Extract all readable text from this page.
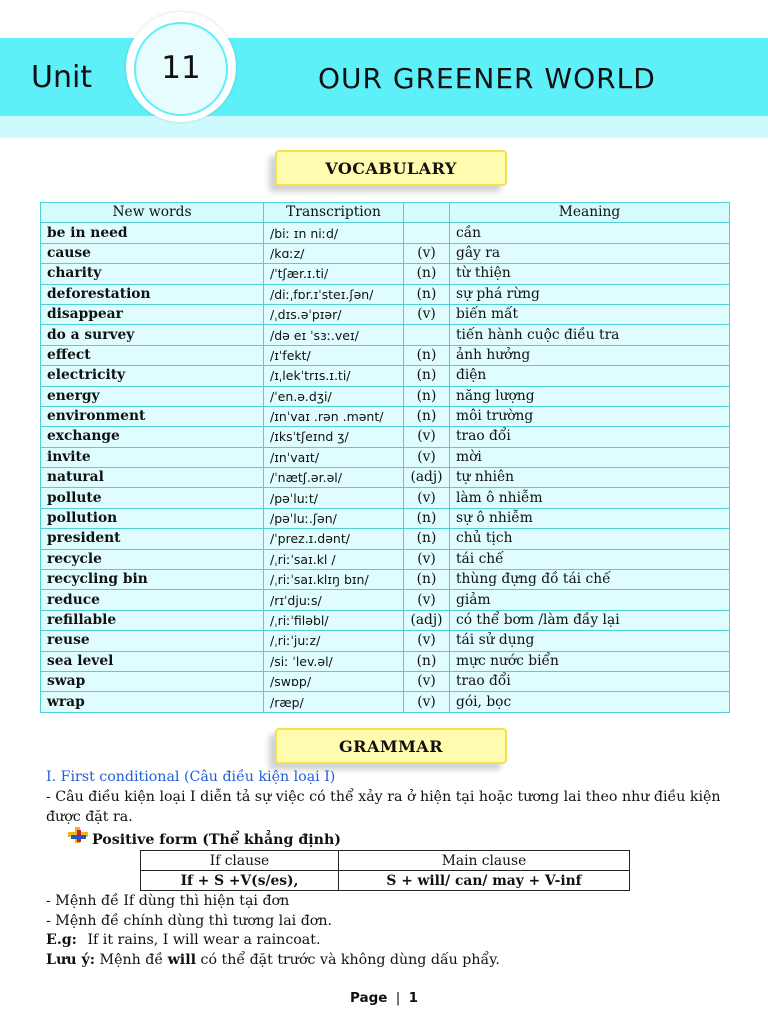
Unit 11	OUR GREENER WORLD
VOCABULARY
New words	Transcription		Meaning
be in need	/biː ɪn niːd/		cần
cause	/kɑːz/	(v)	gây ra
charity	/ˈtʃær.ɪ.ti/	(n)	từ thiện
deforestation	/diːˌfɒr.ɪˈsteɪ.ʃən/	(n)	sự phá rừng
disappear	/ˌdɪs.əˈpɪər/	(v)	biến mất
do a survey	/də eɪ ˈsɜː.veɪ/		tiến hành cuộc điều tra
effect	/ɪˈfekt/	(n)	ảnh hưởng
electricity	/ɪˌlekˈtrɪs.ɪ.ti/	(n)	điện
energy	/ˈen.ə.dʒi/	(n)	năng lượng
environment	/ɪnˈvaɪ .rən .mənt/	(n)	môi trường
exchange	/ɪksˈtʃeɪnd ʒ/	(v)	trao đổi
invite	/ɪnˈvaɪt/	(v)	mời
natural	/ˈnætʃ.ər.əl/	(adj)	tự nhiên
pollute	/pəˈluːt/	(v)	làm ô nhiễm
pollution	/pəˈluː.ʃən/	(n)	sự ô nhiễm
president	/ˈprez.ɪ.dənt/	(n)	chủ tịch
recycle	/ˌriːˈsaɪ.kl /	(v)	tái chế
recycling bin	/ˌriːˈsaɪ.klɪŋ bɪn/	(n)	thùng đựng đồ tái chế
reduce	/rɪˈdjuːs/	(v)	giảm
refillable	/ˌriːˈfiləbl/	(adj)	có thể bơm /làm đầy lại
reuse	/ˌriːˈjuːz/	(v)	tái sử dụng
sea level	/siː ˈlev.əl/	(n)	mực nước biển
swap	/swɒp/	(v)	trao đổi
wrap	/ræp/	(v)	gói, bọc
GRAMMAR
I. First conditional (Câu điều kiện loại I)
- Câu điều kiện loại I diễn tả sự việc có thể xảy ra ở hiện tại hoặc tương lai theo như điều kiện
được đặt ra.
Positive form (Thể khẳng định)
If clause	Main clause
If + S +V(s/es),	S + will/ can/ may + V-inf
- Mệnh đề If dùng thì hiện tại đơn
- Mệnh đề chính dùng thì tương lai đơn.
E.g: If it rains, I will wear a raincoat.
Lưu ý: Mệnh đề will có thể đặt trước và không dùng dấu phẩy.
Page | 1
